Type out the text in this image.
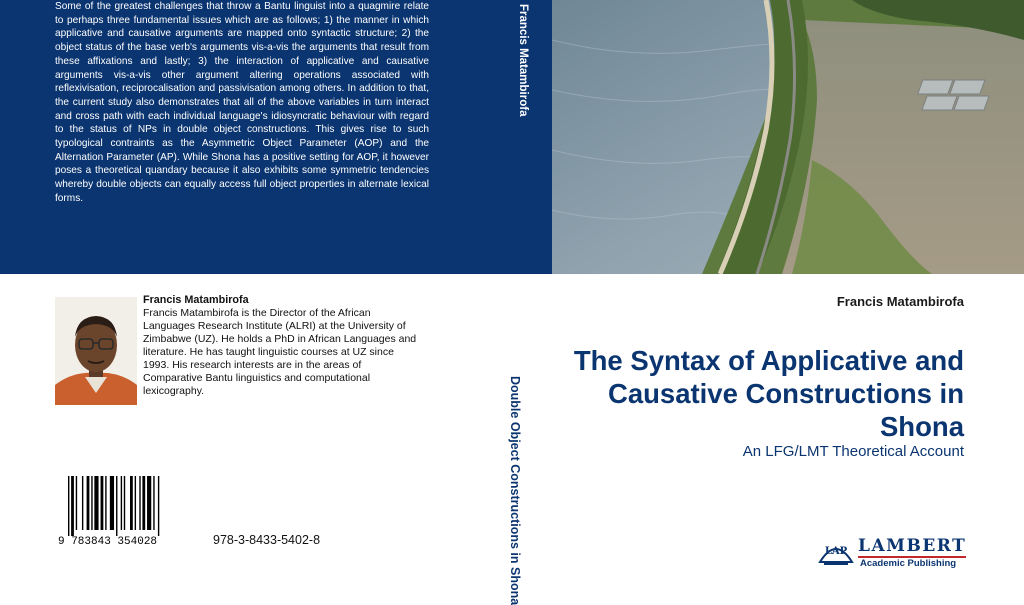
Some of the greatest challenges that throw a Bantu linguist into a quagmire relate to perhaps three fundamental issues which are as follows; 1) the manner in which applicative and causative arguments are mapped onto syntactic structure; 2) the object status of the base verb's arguments vis-a-vis the arguments that result from these affixations and lastly; 3) the interaction of applicative and causative arguments vis-a-vis other argument altering operations associated with reflexivisation, reciprocalisation and passivisation among others. In addition to that, the current study also demonstrates that all of the above variables in turn interact and cross path with each individual language's idiosyncratic behaviour with regard to the status of NPs in double object constructions. This gives rise to such typological contraints as the Asymmetric Object Parameter (AOP) and the Alternation Parameter (AP). While Shona has a positive setting for AOP, it however poses a theoretical quandary because it also exhibits some symmetric tendencies whereby double objects can equally access full object properties in alternate lexical forms.

Francis Matambirofa
Double Object Constructions in Shona
Francis Matambirofa

Francis Matambirofa is the Director of the African Languages Research Institute (ALRI) at the University of Zimbabwe (UZ). He holds a PhD in African Languages and literature. He has taught linguistic courses at UZ since 1993. His research interests are in the areas of Comparative Bantu linguistics and computational lexicography.

9 783843 354028	978-3-8433-5402-8
Francis Matambirofa
The Syntax of Applicative and Causative Constructions in Shona
An LFG/LMT Theoretical Account
LAP LAMBERT
Academic Publishing
